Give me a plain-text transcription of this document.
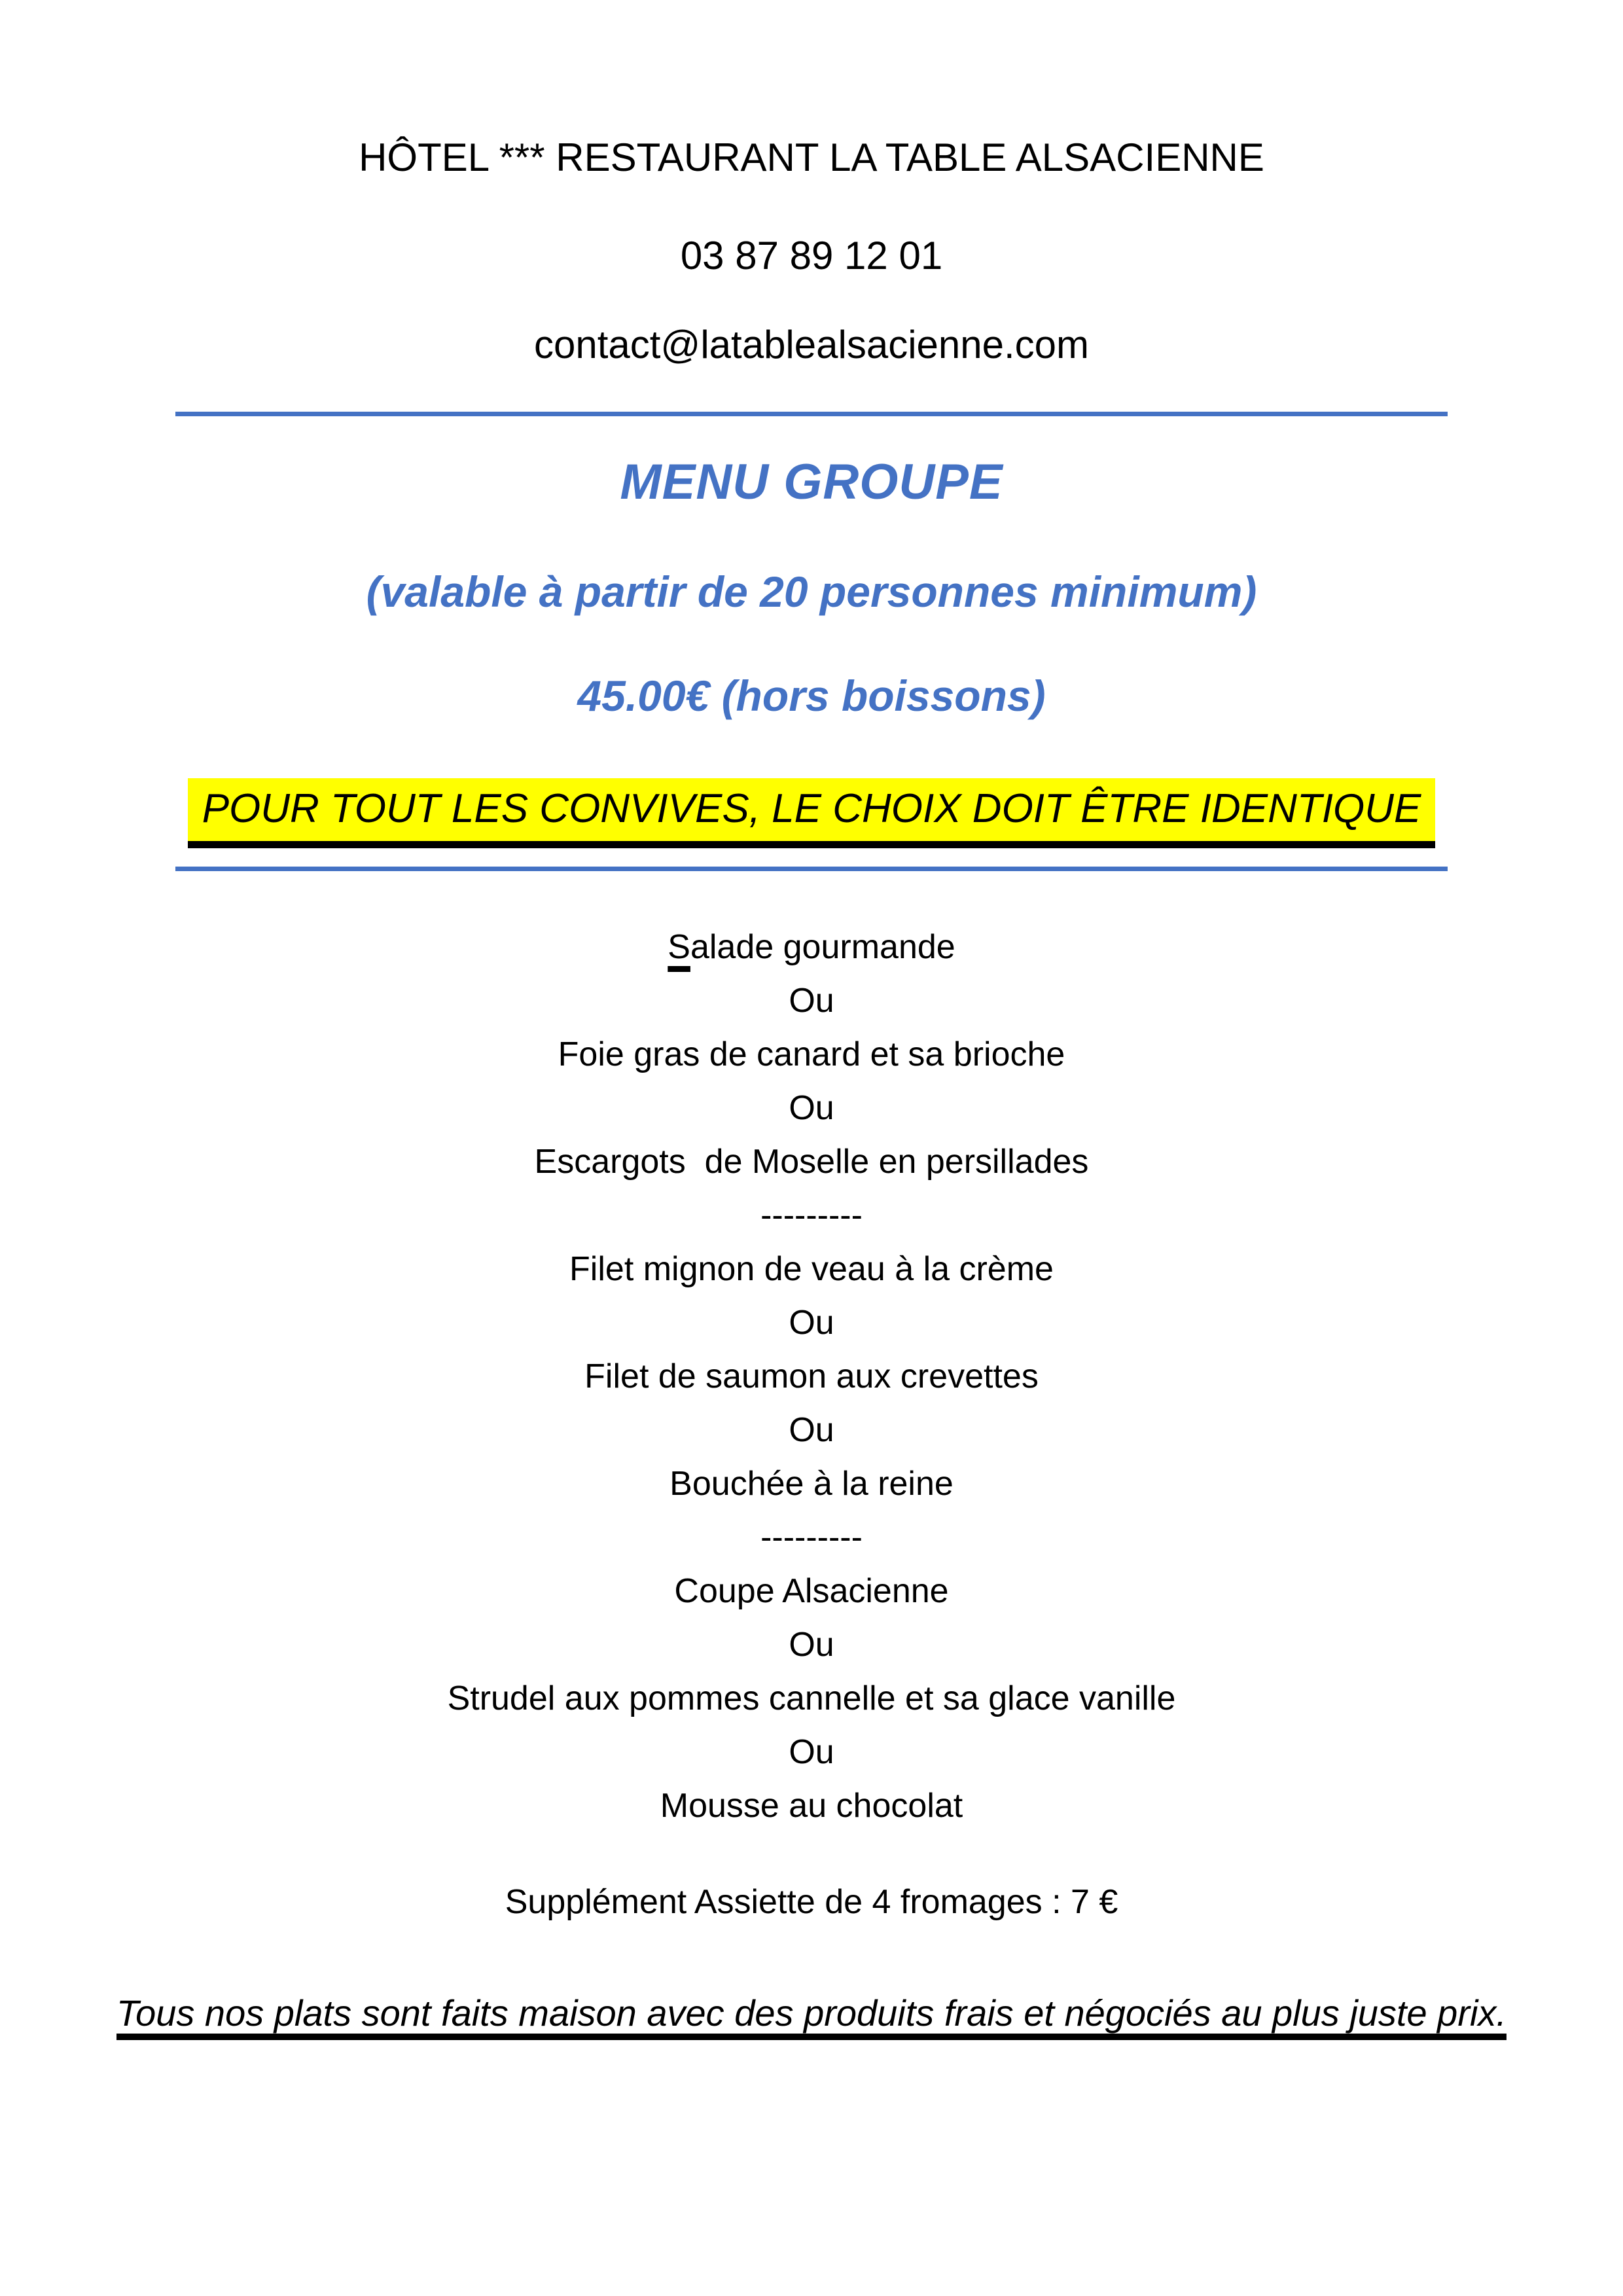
HÔTEL *** RESTAURANT LA TABLE ALSACIENNE
03 87 89 12 01
contact@latablealsacienne.com
MENU GROUPE
(valable à partir de 20 personnes minimum)
45.00€ (hors boissons)
POUR TOUT LES CONVIVES, LE CHOIX DOIT ÊTRE IDENTIQUE
Salade gourmande
Ou
Foie gras de canard et sa brioche
Ou
Escargots  de Moselle en persillades
---------
Filet mignon de veau à la crème
Ou
Filet de saumon aux crevettes
Ou
Bouchée à la reine
---------
Coupe Alsacienne
Ou
Strudel aux pommes cannelle et sa glace vanille
Ou
Mousse au chocolat
Supplément Assiette de 4 fromages : 7 €
Tous nos plats sont faits maison avec des produits frais et négociés au plus juste prix.
